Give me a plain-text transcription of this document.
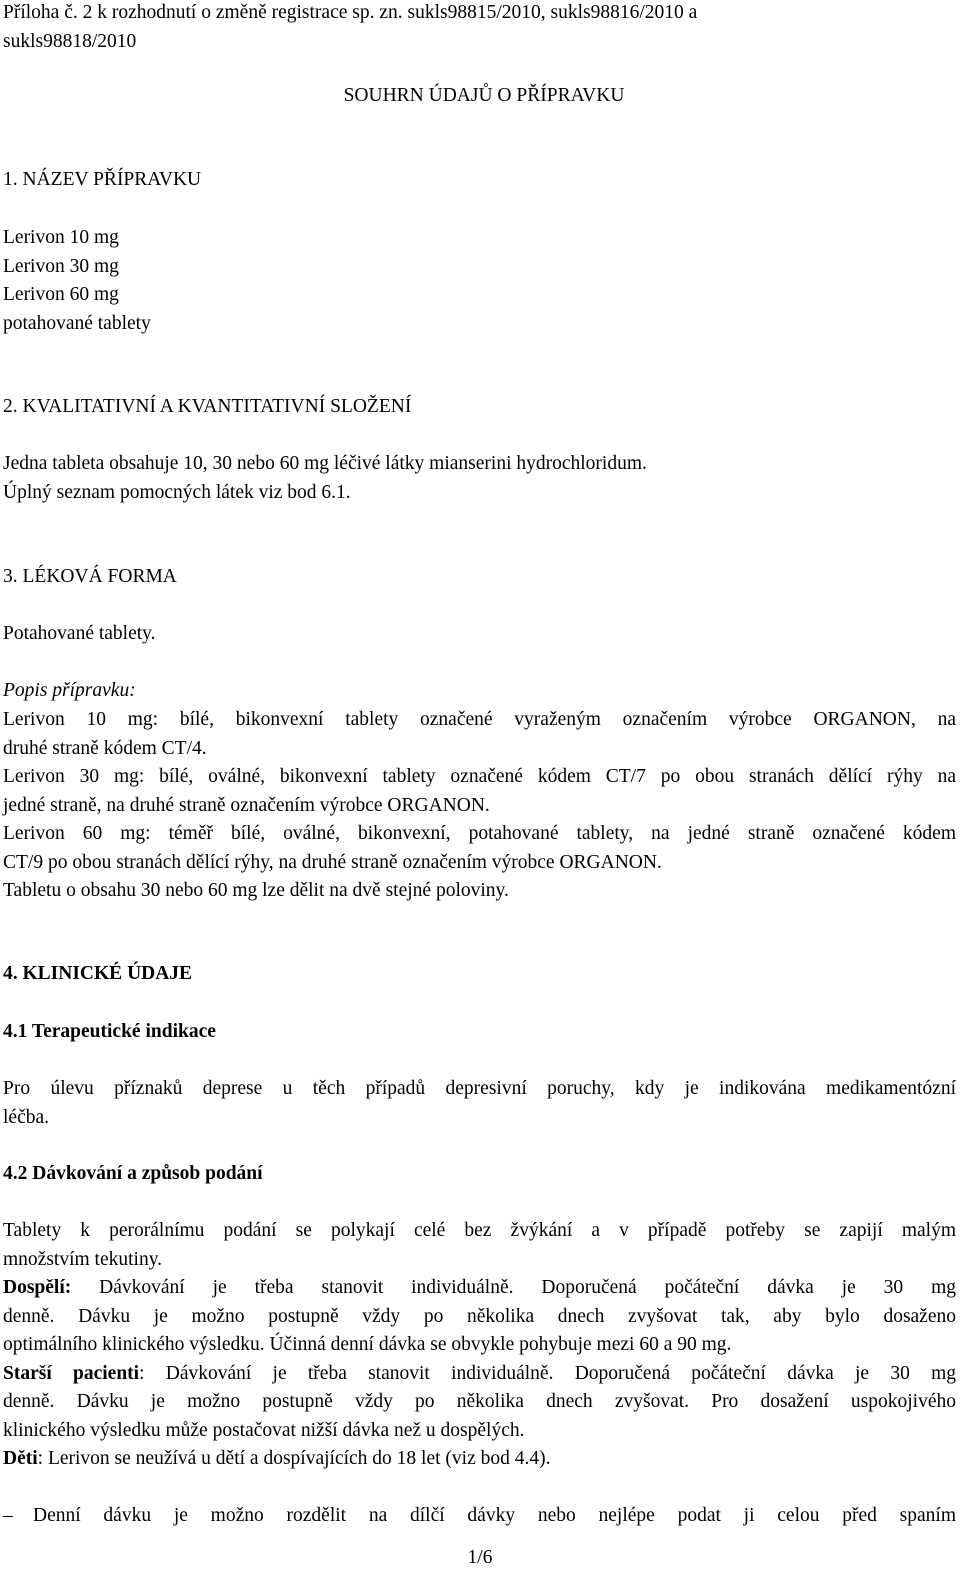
Příloha č. 2 k rozhodnutí o změně registrace sp. zn. sukls98815/2010, sukls98816/2010 a
sukls98818/2010
SOUHRN ÚDAJŮ O PŘÍPRAVKU
1. NÁZEV PŘÍPRAVKU
Lerivon 10 mg
Lerivon 30 mg
Lerivon 60 mg
potahované tablety
2. KVALITATIVNÍ A KVANTITATIVNÍ SLOŽENÍ
Jedna tableta obsahuje 10, 30 nebo 60 mg léčivé látky mianserini hydrochloridum.
Úplný seznam pomocných látek viz bod 6.1.
3. LÉKOVÁ FORMA
Potahované tablety.
Popis přípravku:
Lerivon 10 mg: bílé, bikonvexní tablety označené vyraženým označením výrobce ORGANON, na
druhé straně kódem CT/4.
Lerivon 30 mg: bílé, oválné, bikonvexní tablety označené kódem CT/7 po obou stranách dělící rýhy na
jedné straně, na druhé straně označením výrobce ORGANON.
Lerivon 60 mg: téměř bílé, oválné, bikonvexní, potahované tablety, na jedné straně označené kódem
CT/9 po obou stranách dělící rýhy, na druhé straně označením výrobce ORGANON.
Tabletu o obsahu 30 nebo 60 mg lze dělit na dvě stejné poloviny.
4. KLINICKÉ ÚDAJE
4.1 Terapeutické indikace
Pro úlevu příznaků deprese u těch případů depresivní poruchy, kdy je indikována medikamentózní
léčba.
4.2 Dávkování a způsob podání
Tablety k perorálnímu podání se polykají celé bez žvýkání a v případě potřeby se zapijí malým
množstvím tekutiny.
Dospělí: Dávkování je třeba stanovit individuálně. Doporučená počáteční dávka je 30 mg
denně. Dávku je možno postupně vždy po několika dnech zvyšovat tak, aby bylo dosaženo
optimálního klinického výsledku. Účinná denní dávka se obvykle pohybuje mezi 60 a 90 mg.
Starší pacienti: Dávkování je třeba stanovit individuálně. Doporučená počáteční dávka je 30 mg
denně. Dávku je možno postupně vždy po několika dnech zvyšovat. Pro dosažení uspokojivého
klinického výsledku může postačovat nižší dávka než u dospělých.
Děti: Lerivon se neužívá u dětí a dospívajících do 18 let (viz bod 4.4).
– Denní dávku je možno rozdělit na dílčí dávky nebo nejlépe podat ji celou před spaním
1/6
